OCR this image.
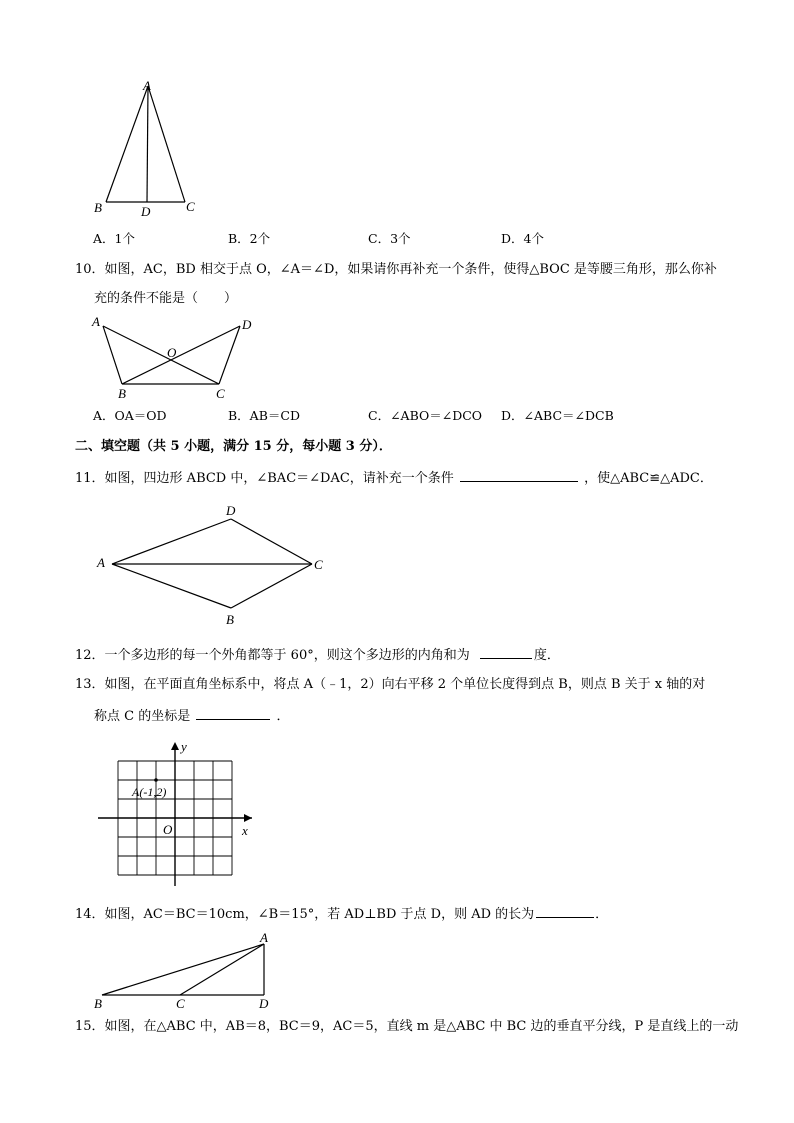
A
B	D	C
A．1个	B．2个	C．3个	D．4个
10．如图，AC，BD 相交于点 O，∠A＝∠D，如果请你再补充一个条件，使得△BOC 是等腰三角形，那么你补
充的条件不能是（　　）
A	D
O
B	C
A．OA＝OD	B．AB＝CD	C．∠ABO＝∠DCO D．∠ABC＝∠DCB
二、填空题（共 5 小题，满分 15 分，每小题 3 分）．
11．如图，四边形 ABCD 中，∠BAC＝∠DAC，请补充一个条件	，使△ABC≌△ADC．
D
A	C
B
12．一个多边形的每一个外角都等于 60°，则这个多边形的内角和为	度．
13．如图，在平面直角坐标系中，将点 A（﹣1，2）向右平移 2 个单位长度得到点 B，则点 B 关于 x 轴的对
称点 C 的坐标是	．
y
x
O
A(-1,2)
14．如图，AC＝BC＝10cm，∠B＝15°，若 AD⊥BD 于点 D，则 AD 的长为	．
A
B	C	D
15．如图，在△ABC 中，AB＝8，BC＝9，AC＝5，直线 m 是△ABC 中 BC 边的垂直平分线，P 是直线上的一动
